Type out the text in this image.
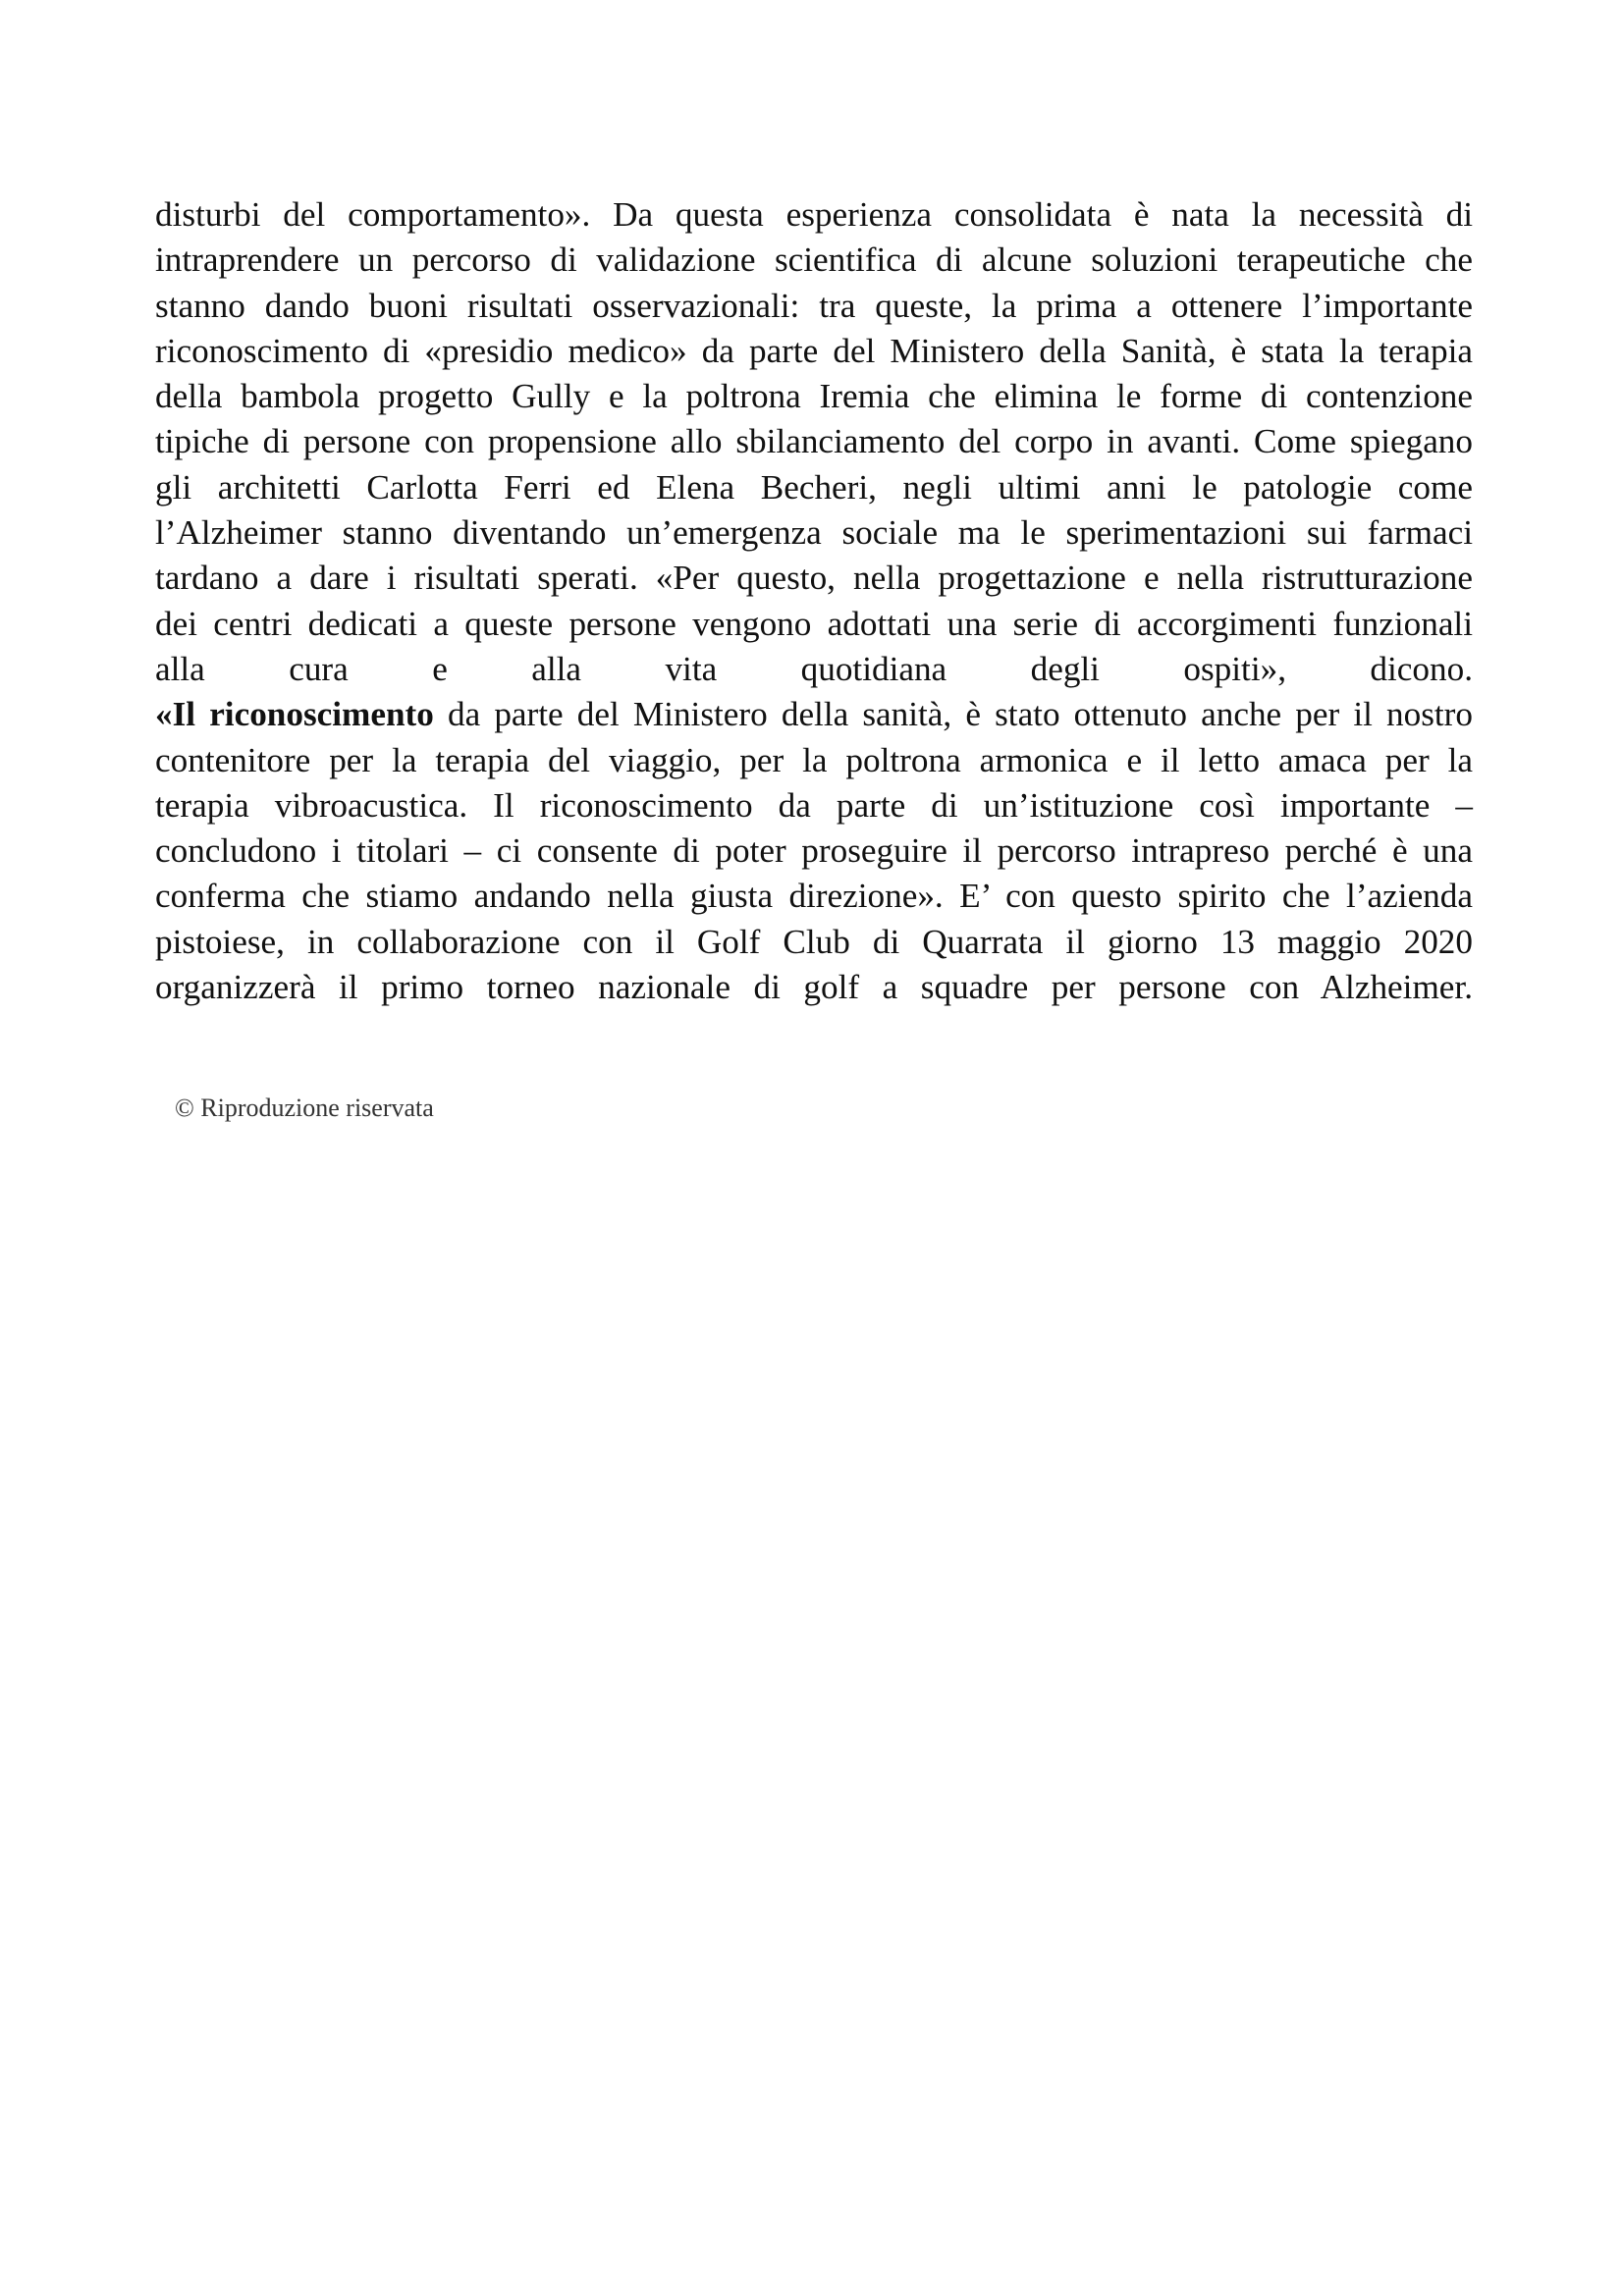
disturbi del comportamento». Da questa esperienza consolidata è nata la necessità di
intraprendere un percorso di validazione scientifica di alcune soluzioni terapeutiche che
stanno dando buoni risultati osservazionali: tra queste, la prima a ottenere l’importante
riconoscimento di «presidio medico» da parte del Ministero della Sanità, è stata la terapia
della bambola progetto Gully e la poltrona Iremia che elimina le forme di contenzione
tipiche di persone con propensione allo sbilanciamento del corpo in avanti. Come spiegano
gli architetti Carlotta Ferri ed Elena Becheri, negli ultimi anni le patologie come
l’Alzheimer stanno diventando un’emergenza sociale ma le sperimentazioni sui farmaci
tardano a dare i risultati sperati. «Per questo, nella progettazione e nella ristrutturazione
dei centri dedicati a queste persone vengono adottati una serie di accorgimenti funzionali
alla cura e alla vita quotidiana degli ospiti», dicono.
«Il riconoscimento da parte del Ministero della sanità, è stato ottenuto anche per il nostro
contenitore per la terapia del viaggio, per la poltrona armonica e il letto amaca per la
terapia vibroacustica. Il riconoscimento da parte di un’istituzione così importante –
concludono i titolari – ci consente di poter proseguire il percorso intrapreso perché è una
conferma che stiamo andando nella giusta direzione». E’ con questo spirito che l’azienda
pistoiese, in collaborazione con il Golf Club di Quarrata il giorno 13 maggio 2020
organizzerà il primo torneo nazionale di golf a squadre per persone con Alzheimer.

© Riproduzione riservata
